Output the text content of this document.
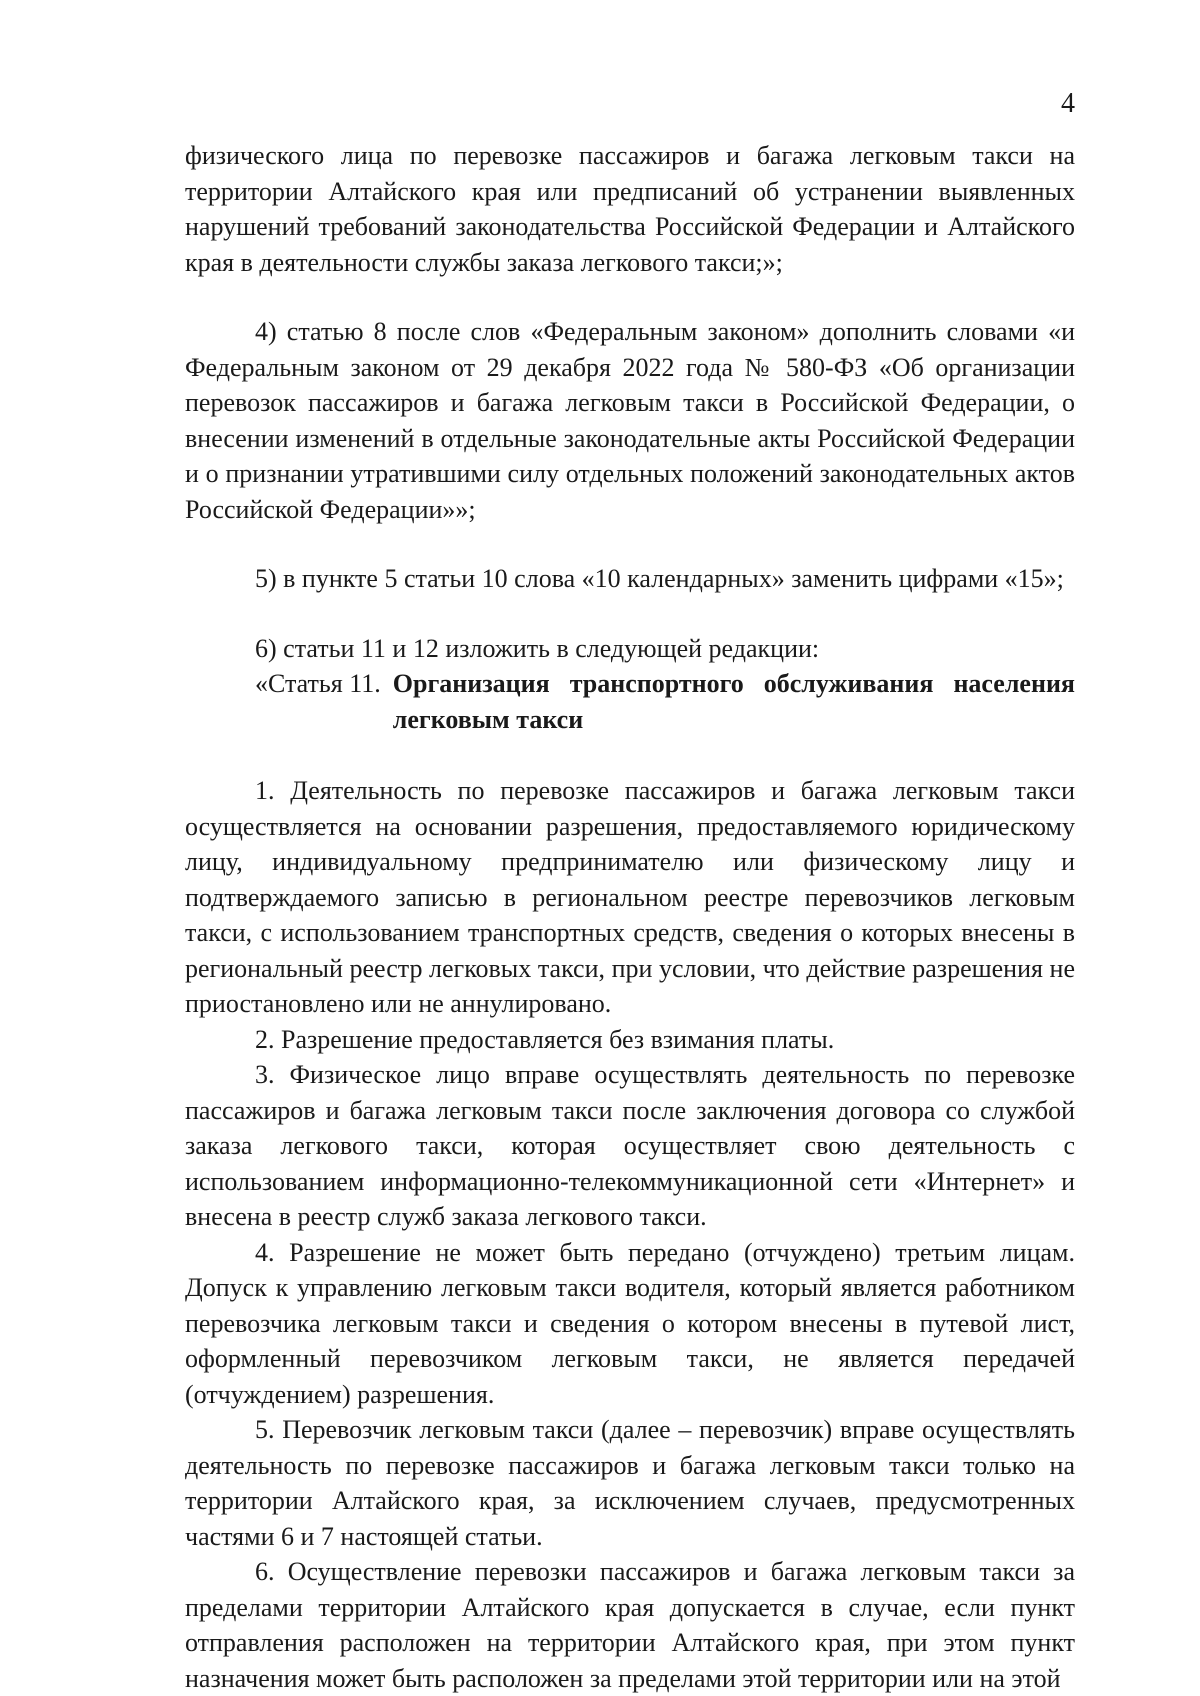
4

физического лица по перевозке пассажиров и багажа легковым такси на территории Алтайского края или предписаний об устранении выявленных нарушений требований законодательства Российской Федерации и Алтайского края в деятельности службы заказа легкового такси;»;

4) статью 8 после слов «Федеральным законом» дополнить словами «и Федеральным законом от 29 декабря 2022 года № 580-ФЗ «Об организации перевозок пассажиров и багажа легковым такси в Российской Федерации, о внесении изменений в отдельные законодательные акты Российской Федерации и о признании утратившими силу отдельных положений законодательных актов Российской Федерации»»;

5) в пункте 5 статьи 10 слова «10 календарных» заменить цифрами «15»;

6) статьи 11 и 12 изложить в следующей редакции:

«Статья 11. Организация транспортного обслуживания населения легковым такси

1. Деятельность по перевозке пассажиров и багажа легковым такси осуществляется на основании разрешения, предоставляемого юридическому лицу, индивидуальному предпринимателю или физическому лицу и подтверждаемого записью в региональном реестре перевозчиков легковым такси, с использованием транспортных средств, сведения о которых внесены в региональный реестр легковых такси, при условии, что действие разрешения не приостановлено или не аннулировано.

2. Разрешение предоставляется без взимания платы.

3. Физическое лицо вправе осуществлять деятельность по перевозке пассажиров и багажа легковым такси после заключения договора со службой заказа легкового такси, которая осуществляет свою деятельность с использованием информационно-телекоммуникационной сети «Интернет» и внесена в реестр служб заказа легкового такси.

4. Разрешение не может быть передано (отчуждено) третьим лицам. Допуск к управлению легковым такси водителя, который является работником перевозчика легковым такси и сведения о котором внесены в путевой лист, оформленный перевозчиком легковым такси, не является передачей (отчуждением) разрешения.

5. Перевозчик легковым такси (далее – перевозчик) вправе осуществлять деятельность по перевозке пассажиров и багажа легковым такси только на территории Алтайского края, за исключением случаев, предусмотренных частями 6 и 7 настоящей статьи.

6. Осуществление перевозки пассажиров и багажа легковым такси за пределами территории Алтайского края допускается в случае, если пункт отправления расположен на территории Алтайского края, при этом пункт назначения может быть расположен за пределами этой территории или на этой
